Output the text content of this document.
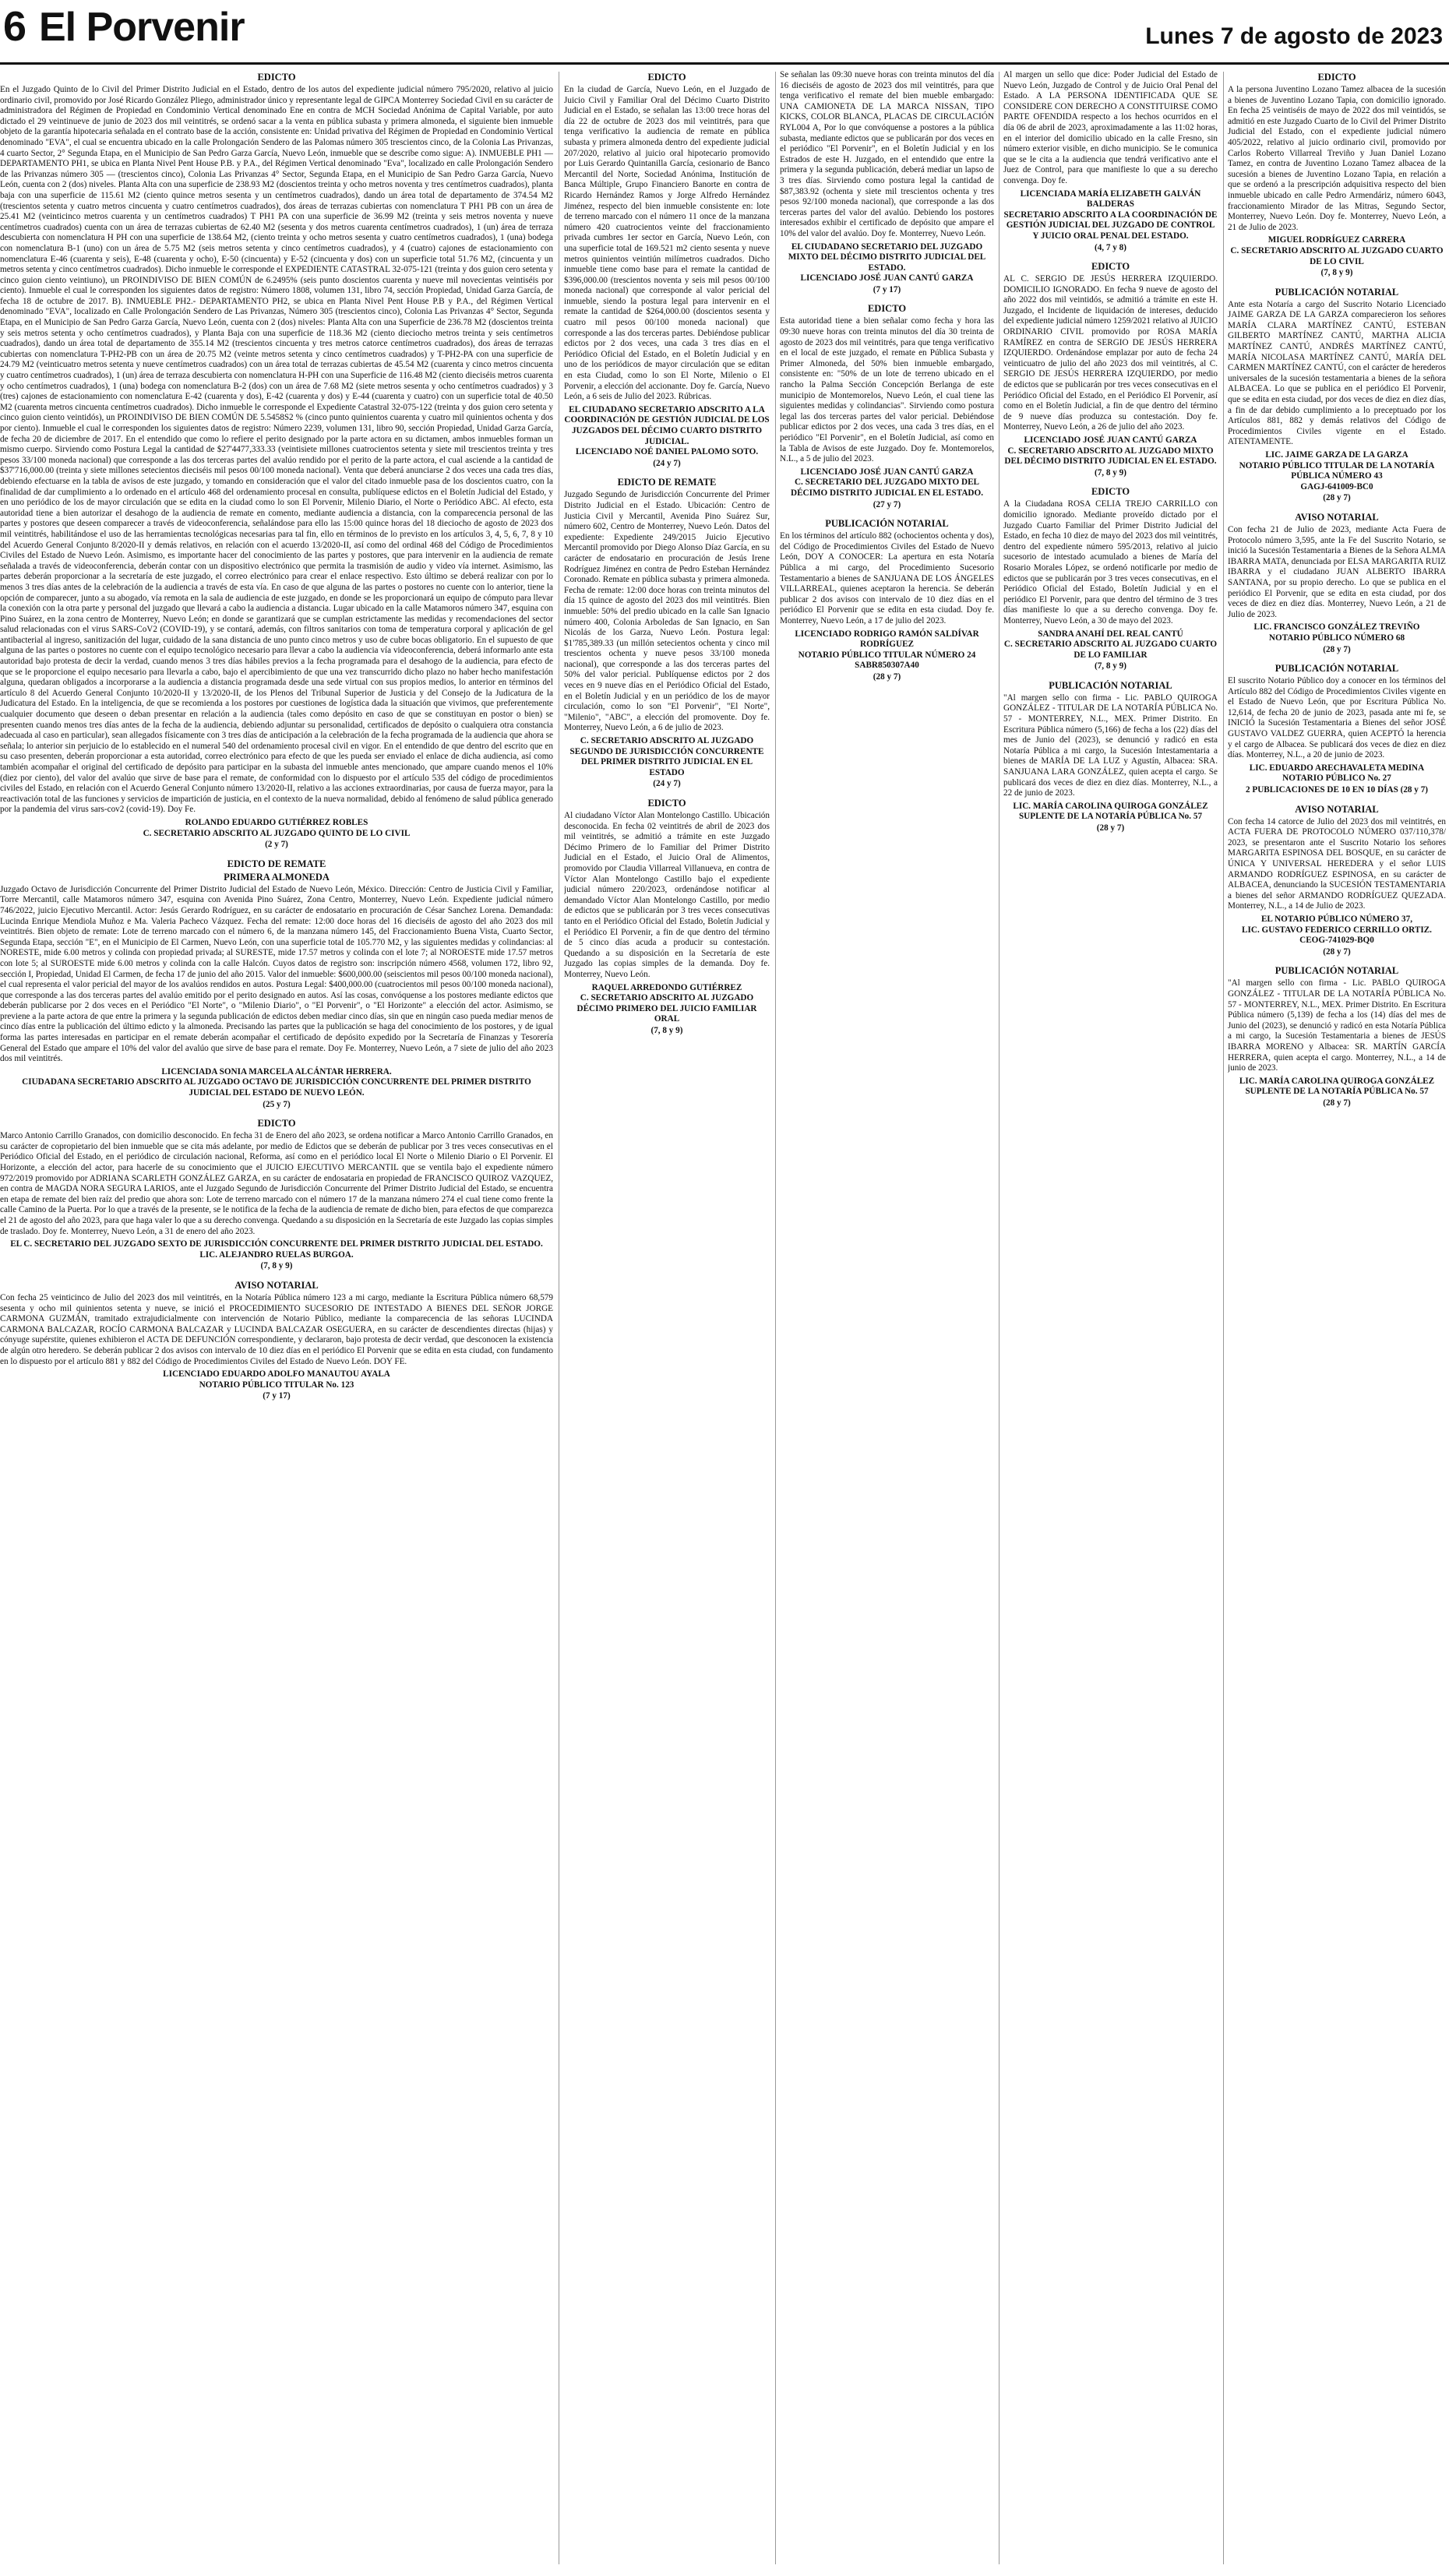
6 El Porvenir	Lunes 7 de agosto de 2023
EDICTO
En el Juzgado Quinto de lo Civil del Primer Distrito Judicial en el Estado, dentro de los autos del expediente judicial número 795/2020, relativo al juicio ordinario civil, promovido por José Ricardo González Pliego, administrador único y representante legal de GIPCA Monterrey Sociedad Civil en su carácter de administradora del Régimen de Propiedad en Condominio Vertical denominado Ene en contra de MCH Sociedad Anónima de Capital Variable, por auto dictado el 29 veintinueve de junio de 2023 dos mil veintitrés, se ordenó sacar a la venta en pública subasta y primera almoneda, el siguiente bien inmueble objeto de la garantía hipotecaria señalada en el contrato base de la acción, consistente en: Unidad privativa del Régimen de Propiedad en Condominio Vertical denominado "EVA", el cual se encuentra ubicado en la calle Prolongación Sendero de las Palomas número 305 trescientos cinco, de la Colonia Las Privanzas, 4 cuarto Sector, 2° Segunda Etapa, en el Municipio de San Pedro Garza García, Nuevo León, inmueble que se describe como sigue: A). INMUEBLE PH1 — DEPARTAMENTO PH1, se ubica en Planta Nivel Pent House P.B. y P.A., del Régimen Vertical denominado "Eva", localizado en calle Prolongación Sendero de las Privanzas número 305 — (trescientos cinco), Colonia Las Privanzas 4° Sector, Segunda Etapa, en el Municipio de San Pedro Garza García, Nuevo León, cuenta con 2 (dos) niveles. Planta Alta con una superficie de 238.93 M2 (doscientos treinta y ocho metros noventa y tres centímetros cuadrados), planta baja con una superficie de 115.61 M2 (ciento quince metros sesenta y un centímetros cuadrados), dando un área total de departamento de 374.54 M2 (trescientos setenta y cuatro metros cincuenta y cuatro centímetros cuadrados), dos áreas de terrazas cubiertas con nomenclatura T PH1 PB con un área de 25.41 M2 (veinticinco metros cuarenta y un centímetros cuadrados) T PH1 PA con una superficie de 36.99 M2 (treinta y seis metros noventa y nueve centímetros cuadrados) cuenta con un área de terrazas cubiertas de 62.40 M2 (sesenta y dos metros cuarenta centímetros cuadrados), 1 (un) área de terraza descubierta con nomenclatura H PH con una superficie de 138.64 M2, (ciento treinta y ocho metros sesenta y cuatro centímetros cuadrados), 1 (una) bodega con nomenclatura B-1 (uno) con un área de 5.75 M2 (seis metros setenta y cinco centímetros cuadrados), y 4 (cuatro) cajones de estacionamiento con nomenclatura E-46 (cuarenta y seis), E-48 (cuarenta y ocho), E-50 (cincuenta) y E-52 (cincuenta y dos) con un superficie total 51.76 M2, (cincuenta y un metros setenta y cinco centímetros cuadrados). Dicho inmueble le corresponde el EXPEDIENTE CATASTRAL 32-075-121 (treinta y dos guion cero setenta y cinco guion ciento veintiuno), un PROINDIVISO DE BIEN COMÚN de 6.2495% (seis punto doscientos cuarenta y nueve mil novecientas veintiséis por ciento). Inmueble el cual le corresponden los siguientes datos de registro: Número 1808, volumen 131, libro 74, sección Propiedad, Unidad Garza García, de fecha 18 de octubre de 2017. B). INMUEBLE PH2.- DEPARTAMENTO PH2, se ubica en Planta Nivel Pent House P.B y P.A., del Régimen Vertical denominado "EVA", localizado en Calle Prolongación Sendero de Las Privanzas, Número 305 (trescientos cinco), Colonia Las Privanzas 4° Sector, Segunda Etapa, en el Municipio de San Pedro Garza García, Nuevo León, cuenta con 2 (dos) niveles: Planta Alta con una Superficie de 236.78 M2 (doscientos treinta y seis metros setenta y ocho centímetros cuadrados), y Planta Baja con una superficie de 118.36 M2 (ciento dieciocho metros treinta y seis centímetros cuadrados), dando un área total de departamento de 355.14 M2 (trescientos cincuenta y tres metros catorce centímetros cuadrados), dos áreas de terrazas cubiertas con nomenclatura T-PH2-PB con un área de 20.75 M2 (veinte metros setenta y cinco centímetros cuadrados) y T-PH2-PA con una superficie de 24.79 M2 (veinticuatro metros setenta y nueve centímetros cuadrados) con un área total de terrazas cubiertas de 45.54 M2 (cuarenta y cinco metros cincuenta y cuatro centímetros cuadrados), 1 (un) área de terraza descubierta con nomenclatura H-PH con una Superficie de 116.48 M2 (ciento dieciséis metros cuarenta y ocho centímetros cuadrados), 1 (una) bodega con nomenclatura B-2 (dos) con un área de 7.68 M2 (siete metros sesenta y ocho centímetros cuadrados) y 3 (tres) cajones de estacionamiento con nomenclatura E-42 (cuarenta y dos), E-42 (cuarenta y dos) y E-44 (cuarenta y cuatro) con un superficie total de 40.50 M2 (cuarenta metros cincuenta centímetros cuadrados). Dicho inmueble le corresponde el Expediente Catastral 32-075-122 (treinta y dos guion cero setenta y cinco guion ciento veintidós), un PROINDIVISO DE BIEN COMÚN DE 5.5458S2 % (cinco punto quinientos cuarenta y cuatro mil quinientos ochenta y dos por ciento). Inmueble el cual le corresponden los siguientes datos de registro: Número 2239, volumen 131, libro 90, sección Propiedad, Unidad Garza García, de fecha 20 de diciembre de 2017. En el entendido que como lo refiere el perito designado por la parte actora en su dictamen, ambos inmuebles forman un mismo cuerpo. Sirviendo como Postura Legal la cantidad de $27'4477,333.33 (veintisiete millones cuatrocientos setenta y siete mil trescientos treinta y tres pesos 33/100 moneda nacional) que corresponde a las dos terceras partes del avalúo rendido por el perito de la parte actora, el cual asciende a la cantidad de $37'716,000.00 (treinta y siete millones setecientos dieciséis mil pesos 00/100 moneda nacional). Venta que deberá anunciarse 2 dos veces una cada tres días, debiendo efectuarse en la tabla de avisos de este juzgado, y tomando en consideración que el valor del citado inmueble pasa de los doscientos cuatro, con la finalidad de dar cumplimiento a lo ordenado en el artículo 468 del ordenamiento procesal en consulta, publíquese edictos en el Boletín Judicial del Estado, y en uno periódico de los de mayor circulación que se edita en la ciudad como lo son El Porvenir, Milenio Diario, el Norte o Periódico ABC. Al efecto, esta autoridad tiene a bien autorizar el desahogo de la audiencia de remate en comento, mediante audiencia a distancia, con la comparecencia personal de las partes y postores que deseen comparecer a través de videoconferencia, señalándose para ello las 15:00 quince horas del 18 dieciocho de agosto de 2023 dos mil veintitrés, habilitándose el uso de las herramientas tecnológicas necesarias para tal fin, ello en términos de lo previsto en los artículos 3, 4, 5, 6, 7, 8 y 10 del Acuerdo General Conjunto 8/2020-II y demás relativos, en relación con el acuerdo 13/2020-II, así como del ordinal 468 del Código de Procedimientos Civiles del Estado de Nuevo León. Asimismo, es importante hacer del conocimiento de las partes y postores, que para intervenir en la audiencia de remate señalada a través de videoconferencia, deberán contar con un dispositivo electrónico que permita la trasmisión de audio y video vía internet. Asimismo, las partes deberán proporcionar a la secretaría de este juzgado, el correo electrónico para crear el enlace respectivo. Esto último se deberá realizar con por lo menos 3 tres días antes de la celebración de la audiencia a través de esta vía. En caso de que alguna de las partes o postores no cuente con lo anterior, tiene la opción de comparecer, junto a su abogado, vía remota en la sala de audiencia de este juzgado, en donde se les proporcionará un equipo de cómputo para llevar la conexión con la otra parte y personal del juzgado que llevará a cabo la audiencia a distancia. Lugar ubicado en la calle Matamoros número 347, esquina con Pino Suárez, en la zona centro de Monterrey, Nuevo León; en donde se garantizará que se cumplan estrictamente las medidas y recomendaciones del sector salud relacionadas con el virus SARS-CoV2 (COVID-19), y se contará, además, con filtros sanitarios con toma de temperatura corporal y aplicación de gel antibacterial al ingreso, sanitización del lugar, cuidado de la sana distancia de uno punto cinco metros y uso de cubre bocas obligatorio. En el supuesto de que alguna de las partes o postores no cuente con el equipo tecnológico necesario para llevar a cabo la audiencia vía videoconferencia, deberá informarlo ante esta autoridad bajo protesta de decir la verdad, cuando menos 3 tres días hábiles previos a la fecha programada para el desahogo de la audiencia, para efecto de que se le proporcione el equipo necesario para llevarla a cabo, bajo el apercibimiento de que una vez transcurrido dicho plazo no haber hecho manifestación alguna, quedaran obligados a incorporarse a la audiencia a distancia programada desde una sede virtual con sus propios medios, lo anterior en términos del artículo 8 del Acuerdo General Conjunto 10/2020-II y 13/2020-II, de los Plenos del Tribunal Superior de Justicia y del Consejo de la Judicatura de la Judicatura del Estado. En la inteligencia, de que se recomienda a los postores por cuestiones de logística dada la situación que vivimos, que preferentemente cualquier documento que deseen o deban presentar en relación a la audiencia (tales como depósito en caso de que se constituyan en postor o bien) se presenten cuando menos tres días antes de la fecha de la audiencia, debiendo adjuntar su personalidad, certificados de depósito o cualquiera otra constancia adecuada al caso en particular), sean allegados físicamente con 3 tres días de anticipación a la celebración de la fecha programada de la audiencia que ahora se señala; lo anterior sin perjuicio de lo establecido en el numeral 540 del ordenamiento procesal civil en vigor. En el entendido de que dentro del escrito que en su caso presenten, deberán proporcionar a esta autoridad, correo electrónico para efecto de que les pueda ser enviado el enlace de dicha audiencia, así como también acompañar el original del certificado de depósito para participar en la subasta del inmueble antes mencionado, que ampare cuando menos el 10% (diez por ciento), del valor del avalúo que sirve de base para el remate, de conformidad con lo dispuesto por el artículo 535 del código de procedimientos civiles del Estado, en relación con el Acuerdo General Conjunto número 13/2020-II, relativo a las acciones extraordinarias, por causa de fuerza mayor, para la reactivación total de las funciones y servicios de impartición de justicia, en el contexto de la nueva normalidad, debido al fenómeno de salud pública generado por la pandemia del virus sars-cov2 (covid-19). Doy Fe.
ROLANDO EDUARDO GUTIÉRREZ ROBLES
C. SECRETARIO ADSCRITO AL JUZGADO QUINTO DE LO CIVIL
(2 y 7)
EDICTO DE REMATE
PRIMERA ALMONEDA
Juzgado Octavo de Jurisdicción Concurrente del Primer Distrito Judicial del Estado de Nuevo León, México. Dirección: Centro de Justicia Civil y Familiar, Torre Mercantil, calle Matamoros número 347, esquina con Avenida Pino Suárez, Zona Centro, Monterrey, Nuevo León. Expediente judicial número 746/2022, juicio Ejecutivo Mercantil. Actor: Jesús Gerardo Rodríguez, en su carácter de endosatario en procuración de César Sanchez Lorena. Demandada: Lucinda Enrique Mendiola Muñoz e Ma. Valeria Pacheco Vázquez. Fecha del remate: 12:00 doce horas del 16 dieciséis de agosto del año 2023 dos mil veintitrés. Bien objeto de remate: Lote de terreno marcado con el número 6, de la manzana número 145, del Fraccionamiento Buena Vista, Cuarto Sector, Segunda Etapa, sección "E", en el Municipio de El Carmen, Nuevo León, con una superficie total de 105.770 M2, y las siguientes medidas y colindancias: al NORESTE, mide 6.00 metros y colinda con propiedad privada; al SURESTE, mide 17.57 metros y colinda con el lote 7; al NOROESTE mide 17.57 metros con lote 5; al SUROESTE mide 6.00 metros y colinda con la calle Halcón. Cuyos datos de registro son: inscripción número 4568, volumen 172, libro 92, sección I, Propiedad, Unidad El Carmen, de fecha 17 de junio del año 2015. Valor del inmueble: $600,000.00 (seiscientos mil pesos 00/100 moneda nacional), el cual representa el valor pericial del mayor de los avalúos rendidos en autos. Postura Legal: $400,000.00 (cuatrocientos mil pesos 00/100 moneda nacional), que corresponde a las dos terceras partes del avalúo emitido por el perito designado en autos. Así las cosas, convóquense a los postores mediante edictos que deberán publicarse por 2 dos veces en el Periódico "El Norte", o "Milenio Diario", o "El Porvenir", o "El Horizonte" a elección del actor. Asimismo, se previene a la parte actora de que entre la primera y la segunda publicación de edictos deben mediar cinco días, sin que en ningún caso pueda mediar menos de cinco días entre la publicación del último edicto y la almoneda. Precisando las partes que la publicación se haga del conocimiento de los postores, y de igual forma las partes interesadas en participar en el remate deberán acompañar el certificado de depósito expedido por la Secretaría de Finanzas y Tesorería General del Estado que ampare el 10% del valor del avalúo que sirve de base para el remate. Doy Fe. Monterrey, Nuevo León, a 7 siete de julio del año 2023 dos mil veintitrés.
LICENCIADA SONIA MARCELA ALCÁNTAR HERRERA.
CIUDADANA SECRETARIO ADSCRITO AL JUZGADO OCTAVO DE JURISDICCIÓN CONCURRENTE DEL PRIMER DISTRITO JUDICIAL DEL ESTADO DE NUEVO LEÓN.
(25 y 7)
EDICTO
Marco Antonio Carrillo Granados, con domicilio desconocido. En fecha 31 de Enero del año 2023, se ordena notificar a Marco Antonio Carrillo Granados, en su carácter de copropietario del bien inmueble que se cita más adelante, por medio de Edictos que se deberán de publicar por 3 tres veces consecutivas en el Periódico Oficial del Estado, en el periódico de circulación nacional, Reforma, así como en el periódico local El Norte o Milenio Diario o El Porvenir. El Horizonte, a elección del actor, para hacerle de su conocimiento que el JUICIO EJECUTIVO MERCANTIL que se ventila bajo el expediente número 972/2019 promovido por ADRIANA SCARLETH GONZÁLEZ GARZA, en su carácter de endosataria en propiedad de FRANCISCO QUIROZ VAZQUEZ, en contra de MAGDA NORA SEGURA LARIOS, ante el Juzgado Segundo de Jurisdicción Concurrente del Primer Distrito Judicial del Estado, se encuentra en etapa de remate del bien raíz del predio que ahora son: Lote de terreno marcado con el número 17 de la manzana número 274 el cual tiene como frente la calle Camino de la Puerta. Por lo que a través de la presente, se le notifica de la fecha de la audiencia de remate de dicho bien, para efectos de que comparezca el 21 de agosto del año 2023, para que haga valer lo que a su derecho convenga. Quedando a su disposición en la Secretaría de este Juzgado las copias simples de traslado. Doy fe. Monterrey, Nuevo León, a 31 de enero del año 2023.
EL C. SECRETARIO DEL JUZGADO SEXTO DE JURISDICCIÓN CONCURRENTE DEL PRIMER DISTRITO JUDICIAL DEL ESTADO.
LIC. ALEJANDRO RUELAS BURGOA.
(7, 8 y 9)
AVISO NOTARIAL
Con fecha 25 veinticinco de Julio del 2023 dos mil veintitrés, en la Notaría Pública número 123 a mi cargo, mediante la Escritura Pública número 68,579 sesenta y ocho mil quinientos setenta y nueve, se inició el PROCEDIMIENTO SUCESORIO DE INTESTADO A BIENES DEL SEÑOR JORGE CARMONA GUZMÁN, tramitado extrajudicialmente con intervención de Notario Público, mediante la comparecencia de las señoras LUCINDA CARMONA BALCAZAR, ROCÍO CARMONA BALCAZAR y LUCINDA BALCAZAR OSEGUERA, en su carácter de descendientes directas (hijas) y cónyuge supérstite, quienes exhibieron el ACTA DE DEFUNCIÓN correspondiente, y declararon, bajo protesta de decir verdad, que desconocen la existencia de algún otro heredero. Se deberán publicar 2 dos avisos con intervalo de 10 diez días en el periódico El Porvenir que se edita en esta ciudad, con fundamento en lo dispuesto por el artículo 881 y 882 del Código de Procedimientos Civiles del Estado de Nuevo León. DOY FE.
LICENCIADO EDUARDO ADOLFO MANAUTOU AYALA
NOTARIO PÚBLICO TITULAR No. 123
(7 y 17)
EDICTO
En la ciudad de García, Nuevo León, en el Juzgado de Juicio Civil y Familiar Oral del Décimo Cuarto Distrito Judicial en el Estado, se señalan las 13:00 trece horas del día 22 de octubre de 2023 dos mil veintitrés, para que tenga verificativo la audiencia de remate en pública subasta y primera almoneda dentro del expediente judicial 207/2020, relativo al juicio oral hipotecario promovido por Luis Gerardo Quintanilla García, cesionario de Banco Mercantil del Norte, Sociedad Anónima, Institución de Banca Múltiple, Grupo Financiero Banorte en contra de Ricardo Hernández Ramos y Jorge Alfredo Hernández Jiménez, respecto del bien inmueble consistente en: lote de terreno marcado con el número 11 once de la manzana número 420 cuatrocientos veinte del fraccionamiento privada cumbres 1er sector en García, Nuevo León, con una superficie total de 169.521 m2 ciento sesenta y nueve metros quinientos veintiún milímetros cuadrados. Dicho inmueble tiene como base para el remate la cantidad de $396,000.00 (trescientos noventa y seis mil pesos 00/100 moneda nacional) que corresponde al valor pericial del inmueble, siendo la postura legal para intervenir en el remate la cantidad de $264,000.00 (doscientos sesenta y cuatro mil pesos 00/100 moneda nacional) que corresponde a las dos terceras partes. Debiéndose publicar edictos por 2 dos veces, una cada 3 tres días en el Periódico Oficial del Estado, en el Boletín Judicial y en uno de los periódicos de mayor circulación que se editan en esta Ciudad, como lo son El Norte, Milenio o El Porvenir, a elección del accionante. Doy fe. García, Nuevo León, a 6 seis de Julio del 2023. Rúbricas.
EL CIUDADANO SECRETARIO ADSCRITO A LA COORDINACIÓN DE GESTIÓN JUDICIAL DE LOS JUZGADOS DEL DÉCIMO CUARTO DISTRITO JUDICIAL.
LICENCIADO NOÉ DANIEL PALOMO SOTO.
(24 y 7)
EDICTO DE REMATE
Juzgado Segundo de Jurisdicción Concurrente del Primer Distrito Judicial en el Estado. Ubicación: Centro de Justicia Civil y Mercantil, Avenida Pino Suárez Sur, número 602, Centro de Monterrey, Nuevo León. Datos del expediente: Expediente 249/2015 Juicio Ejecutivo Mercantil promovido por Diego Alonso Díaz García, en su carácter de endosatario en procuración de Jesús Irene Rodríguez Jiménez en contra de Pedro Esteban Hernández Coronado. Remate en pública subasta y primera almoneda. Fecha de remate: 12:00 doce horas con treinta minutos del día 15 quince de agosto del 2023 dos mil veintitrés. Bien inmueble: 50% del predio ubicado en la calle San Ignacio número 400, Colonia Arboledas de San Ignacio, en San Nicolás de los Garza, Nuevo León. Postura legal: $1'785,389.33 (un millón setecientos ochenta y cinco mil trescientos ochenta y nueve pesos 33/100 moneda nacional), que corresponde a las dos terceras partes del 50% del valor pericial. Publíquense edictos por 2 dos veces en 9 nueve días en el Periódico Oficial del Estado, en el Boletín Judicial y en un periódico de los de mayor circulación, como lo son "El Porvenir", "El Norte", "Milenio", "ABC", a elección del promovente. Doy fe. Monterrey, Nuevo León, a 6 de julio de 2023.
C. SECRETARIO ADSCRITO AL JUZGADO SEGUNDO DE JURISDICCIÓN CONCURRENTE DEL PRIMER DISTRITO JUDICIAL EN EL ESTADO
(24 y 7)
EDICTO
Al ciudadano Víctor Alan Montelongo Castillo. Ubicación desconocida. En fecha 02 veintitrés de abril de 2023 dos mil veintitrés, se admitió a trámite en este Juzgado Décimo Primero de lo Familiar del Primer Distrito Judicial en el Estado, el Juicio Oral de Alimentos, promovido por Claudia Villarreal Villanueva, en contra de Víctor Alan Montelongo Castillo bajo el expediente judicial número 220/2023, ordenándose notificar al demandado Víctor Alan Montelongo Castillo, por medio de edictos que se publicarán por 3 tres veces consecutivas tanto en el Periódico Oficial del Estado, Boletín Judicial y el Periódico El Porvenir, a fin de que dentro del término de 5 cinco días acuda a producir su contestación. Quedando a su disposición en la Secretaría de este Juzgado las copias simples de la demanda. Doy fe. Monterrey, Nuevo León.
RAQUEL ARREDONDO GUTIÉRREZ
C. SECRETARIO ADSCRITO AL JUZGADO DÉCIMO PRIMERO DEL JUICIO FAMILIAR ORAL
(7, 8 y 9)
Se señalan las 09:30 nueve horas con treinta minutos del día 16 dieciséis de agosto de 2023 dos mil veintitrés, para que tenga verificativo el remate del bien mueble embargado: UNA CAMIONETA DE LA MARCA NISSAN, TIPO KICKS, COLOR BLANCA, PLACAS DE CIRCULACIÓN RYL004 A, Por lo que convóquense a postores a la pública subasta, mediante edictos que se publicarán por dos veces en el periódico "El Porvenir", en el Boletín Judicial y en los Estrados de este H. Juzgado, en el entendido que entre la primera y la segunda publicación, deberá mediar un lapso de 3 tres días. Sirviendo como postura legal la cantidad de $87,383.92 (ochenta y siete mil trescientos ochenta y tres pesos 92/100 moneda nacional), que corresponde a las dos terceras partes del valor del avalúo. Debiendo los postores interesados exhibir el certificado de depósito que ampare el 10% del valor del avalúo. Doy fe. Monterrey, Nuevo León.
EL CIUDADANO SECRETARIO DEL JUZGADO MIXTO DEL DÉCIMO DISTRITO JUDICIAL DEL ESTADO.
LICENCIADO JOSÉ JUAN CANTÚ GARZA
(7 y 17)
EDICTO
Esta autoridad tiene a bien señalar como fecha y hora las 09:30 nueve horas con treinta minutos del día 30 treinta de agosto de 2023 dos mil veintitrés, para que tenga verificativo en el local de este juzgado, el remate en Pública Subasta y Primer Almoneda, del 50% bien inmueble embargado, consistente en: "50% de un lote de terreno ubicado en el rancho la Palma Sección Concepción Berlanga de este municipio de Montemorelos, Nuevo León, el cual tiene las siguientes medidas y colindancias". Sirviendo como postura legal las dos terceras partes del valor pericial. Debiéndose publicar edictos por 2 dos veces, una cada 3 tres días, en el periódico "El Porvenir", en el Boletín Judicial, así como en la Tabla de Avisos de este Juzgado. Doy fe. Montemorelos, N.L., a 5 de julio del 2023.
LICENCIADO JOSÉ JUAN CANTÚ GARZA
C. SECRETARIO DEL JUZGADO MIXTO DEL DÉCIMO DISTRITO JUDICIAL EN EL ESTADO.
(27 y 7)
PUBLICACIÓN NOTARIAL
En los términos del artículo 882 (ochocientos ochenta y dos), del Código de Procedimientos Civiles del Estado de Nuevo León, DOY A CONOCER: La apertura en esta Notaría Pública a mi cargo, del Procedimiento Sucesorio Testamentario a bienes de SANJUANA DE LOS ÁNGELES VILLARREAL, quienes aceptaron la herencia. Se deberán publicar 2 dos avisos con intervalo de 10 diez días en el periódico El Porvenir que se edita en esta ciudad. Doy fe. Monterrey, Nuevo León, a 17 de julio del 2023.
LICENCIADO RODRIGO RAMÓN SALDÍVAR RODRÍGUEZ
NOTARIO PÚBLICO TITULAR NÚMERO 24
SABR850307A40
(28 y 7)
Al margen un sello que dice: Poder Judicial del Estado de Nuevo León, Juzgado de Control y de Juicio Oral Penal del Estado. A LA PERSONA IDENTIFICADA QUE SE CONSIDERE CON DERECHO A CONSTITUIRSE COMO PARTE OFENDIDA respecto a los hechos ocurridos en el día 06 de abril de 2023, aproximadamente a las 11:02 horas, en el interior del domicilio ubicado en la calle Fresno, sin número exterior visible, en dicho municipio. Se le comunica que se le cita a la audiencia que tendrá verificativo ante el Juez de Control, para que manifieste lo que a su derecho convenga. Doy fe.
LICENCIADA MARÍA ELIZABETH GALVÁN BALDERAS
SECRETARIO ADSCRITO A LA COORDINACIÓN DE GESTIÓN JUDICIAL DEL JUZGADO DE CONTROL Y JUICIO ORAL PENAL DEL ESTADO.
(4, 7 y 8)
EDICTO
AL C. SERGIO DE JESÚS HERRERA IZQUIERDO. DOMICILIO IGNORADO. En fecha 9 nueve de agosto del año 2022 dos mil veintidós, se admitió a trámite en este H. Juzgado, el Incidente de liquidación de intereses, deducido del expediente judicial número 1259/2021 relativo al JUICIO ORDINARIO CIVIL promovido por ROSA MARÍA RAMÍREZ en contra de SERGIO DE JESÚS HERRERA IZQUIERDO. Ordenándose emplazar por auto de fecha 24 veinticuatro de julio del año 2023 dos mil veintitrés, al C. SERGIO DE JESÚS HERRERA IZQUIERDO, por medio de edictos que se publicarán por tres veces consecutivas en el Periódico Oficial del Estado, en el Periódico El Porvenir, así como en el Boletín Judicial, a fin de que dentro del término de 9 nueve días produzca su contestación. Doy fe. Monterrey, Nuevo León, a 26 de julio del año 2023.
LICENCIADO JOSÉ JUAN CANTÚ GARZA
C. SECRETARIO ADSCRITO AL JUZGADO MIXTO DEL DÉCIMO DISTRITO JUDICIAL EN EL ESTADO.
(7, 8 y 9)
EDICTO
A la Ciudadana ROSA CELIA TREJO CARRILLO con domicilio ignorado. Mediante proveído dictado por el Juzgado Cuarto Familiar del Primer Distrito Judicial del Estado, en fecha 10 diez de mayo del 2023 dos mil veintitrés, dentro del expediente número 595/2013, relativo al juicio sucesorio de intestado acumulado a bienes de María del Rosario Morales López, se ordenó notificarle por medio de edictos que se publicarán por 3 tres veces consecutivas, en el Periódico Oficial del Estado, Boletín Judicial y en el periódico El Porvenir, para que dentro del término de 3 tres días manifieste lo que a su derecho convenga. Doy fe. Monterrey, Nuevo León, a 30 de mayo del 2023.
SANDRA ANAHÍ DEL REAL CANTÚ
C. SECRETARIO ADSCRITO AL JUZGADO CUARTO DE LO FAMILIAR
(7, 8 y 9)
PUBLICACIÓN NOTARIAL
"Al margen sello con firma - Lic. PABLO QUIROGA GONZÁLEZ - TITULAR DE LA NOTARÍA PÚBLICA No. 57 - MONTERREY, N.L., MEX. Primer Distrito. En Escritura Pública número (5,166) de fecha a los (22) días del mes de Junio del (2023), se denunció y radicó en esta Notaría Pública a mi cargo, la Sucesión Intestamentaria a bienes de MARÍA DE LA LUZ y Agustín, Albacea: SRA. SANJUANA LARA GONZÁLEZ, quien acepta el cargo. Se publicará dos veces de diez en diez días. Monterrey, N.L., a 22 de junio de 2023.
LIC. MARÍA CAROLINA QUIROGA GONZÁLEZ
SUPLENTE DE LA NOTARÍA PÚBLICA No. 57
(28 y 7)
EDICTO
A la persona Juventino Lozano Tamez albacea de la sucesión a bienes de Juventino Lozano Tapia, con domicilio ignorado. En fecha 25 veintiséis de mayo de 2022 dos mil veintidós, se admitió en este Juzgado Cuarto de lo Civil del Primer Distrito Judicial del Estado, con el expediente judicial número 405/2022, relativo al juicio ordinario civil, promovido por Carlos Roberto Villarreal Treviño y Juan Daniel Lozano Tamez, en contra de Juventino Lozano Tamez albacea de la sucesión a bienes de Juventino Lozano Tapia, en relación a que se ordenó a la prescripción adquisitiva respecto del bien inmueble ubicado en calle Pedro Armendáriz, número 6043, fraccionamiento Mirador de las Mitras, Segundo Sector, Monterrey, Nuevo León. Doy fe. Monterrey, Nuevo León, a 21 de Julio de 2023.
MIGUEL RODRÍGUEZ CARRERA
C. SECRETARIO ADSCRITO AL JUZGADO CUARTO DE LO CIVIL
(7, 8 y 9)
PUBLICACIÓN NOTARIAL
Ante esta Notaría a cargo del Suscrito Notario Licenciado JAIME GARZA DE LA GARZA comparecieron los señores MARÍA CLARA MARTÍNEZ CANTÚ, ESTEBAN GILBERTO MARTÍNEZ CANTÚ, MARTHA ALICIA MARTÍNEZ CANTÚ, ANDRÉS MARTÍNEZ CANTÚ, MARÍA NICOLASA MARTÍNEZ CANTÚ, MARÍA DEL CARMEN MARTÍNEZ CANTÚ, con el carácter de herederos universales de la sucesión testamentaria a bienes de la señora ALBACEA. Lo que se publica en el periódico El Porvenir, que se edita en esta ciudad, por dos veces de diez en diez días, a fin de dar debido cumplimiento a lo preceptuado por los Artículos 881, 882 y demás relativos del Código de Procedimientos Civiles vigente en el Estado. ATENTAMENTE.
LIC. JAIME GARZA DE LA GARZA
NOTARIO PÚBLICO TITULAR DE LA NOTARÍA PÚBLICA NÚMERO 43
GAGJ-641009-BC0
(28 y 7)
AVISO NOTARIAL
Con fecha 21 de Julio de 2023, mediante Acta Fuera de Protocolo número 3,595, ante la Fe del Suscrito Notario, se inició la Sucesión Testamentaria a Bienes de la Señora ALMA IBARRA MATA, denunciada por ELSA MARGARITA RUIZ IBARRA y el ciudadano JUAN ALBERTO IBARRA SANTANA, por su propio derecho. Lo que se publica en el periódico El Porvenir, que se edita en esta ciudad, por dos veces de diez en diez días. Monterrey, Nuevo León, a 21 de Julio de 2023.
LIC. FRANCISCO GONZÁLEZ TREVIÑO
NOTARIO PÚBLICO NÚMERO 68
(28 y 7)
PUBLICACIÓN NOTARIAL
El suscrito Notario Público doy a conocer en los términos del Artículo 882 del Código de Procedimientos Civiles vigente en el Estado de Nuevo León, que por Escritura Pública No. 12,614, de fecha 20 de junio de 2023, pasada ante mi fe, se INICIÓ la Sucesión Testamentaria a Bienes del señor JOSÉ GUSTAVO VALDEZ GUERRA, quien ACEPTÓ la herencia y el cargo de Albacea. Se publicará dos veces de diez en diez días. Monterrey, N.L., a 20 de junio de 2023.
LIC. EDUARDO ARECHAVALETA MEDINA
NOTARIO PÚBLICO No. 27
2 PUBLICACIONES DE 10 EN 10 DÍAS (28 y 7)
AVISO NOTARIAL
Con fecha 14 catorce de Julio del 2023 dos mil veintitrés, en ACTA FUERA DE PROTOCOLO NÚMERO 037/110,378/ 2023, se presentaron ante el Suscrito Notario los señores MARGARITA ESPINOSA DEL BOSQUE, en su carácter de ÚNICA Y UNIVERSAL HEREDERA y el señor LUIS ARMANDO RODRÍGUEZ ESPINOSA, en su carácter de ALBACEA, denunciando la SUCESIÓN TESTAMENTARIA a bienes del señor ARMANDO RODRÍGUEZ QUEZADA. Monterrey, N.L., a 14 de Julio de 2023.
EL NOTARIO PÚBLICO NÚMERO 37,
LIC. GUSTAVO FEDERICO CERRILLO ORTIZ.
CEOG-741029-BQ0
(28 y 7)
PUBLICACIÓN NOTARIAL
"Al margen sello con firma - Lic. PABLO QUIROGA GONZÁLEZ - TITULAR DE LA NOTARÍA PÚBLICA No. 57 - MONTERREY, N.L., MEX. Primer Distrito. En Escritura Pública número (5,139) de fecha a los (14) días del mes de Junio del (2023), se denunció y radicó en esta Notaría Pública a mi cargo, la Sucesión Testamentaria a bienes de JESÚS IBARRA MORENO y Albacea: SR. MARTÍN GARCÍA HERRERA, quien acepta el cargo. Monterrey, N.L., a 14 de junio de 2023.
LIC. MARÍA CAROLINA QUIROGA GONZÁLEZ
SUPLENTE DE LA NOTARÍA PÚBLICA No. 57
(28 y 7)
